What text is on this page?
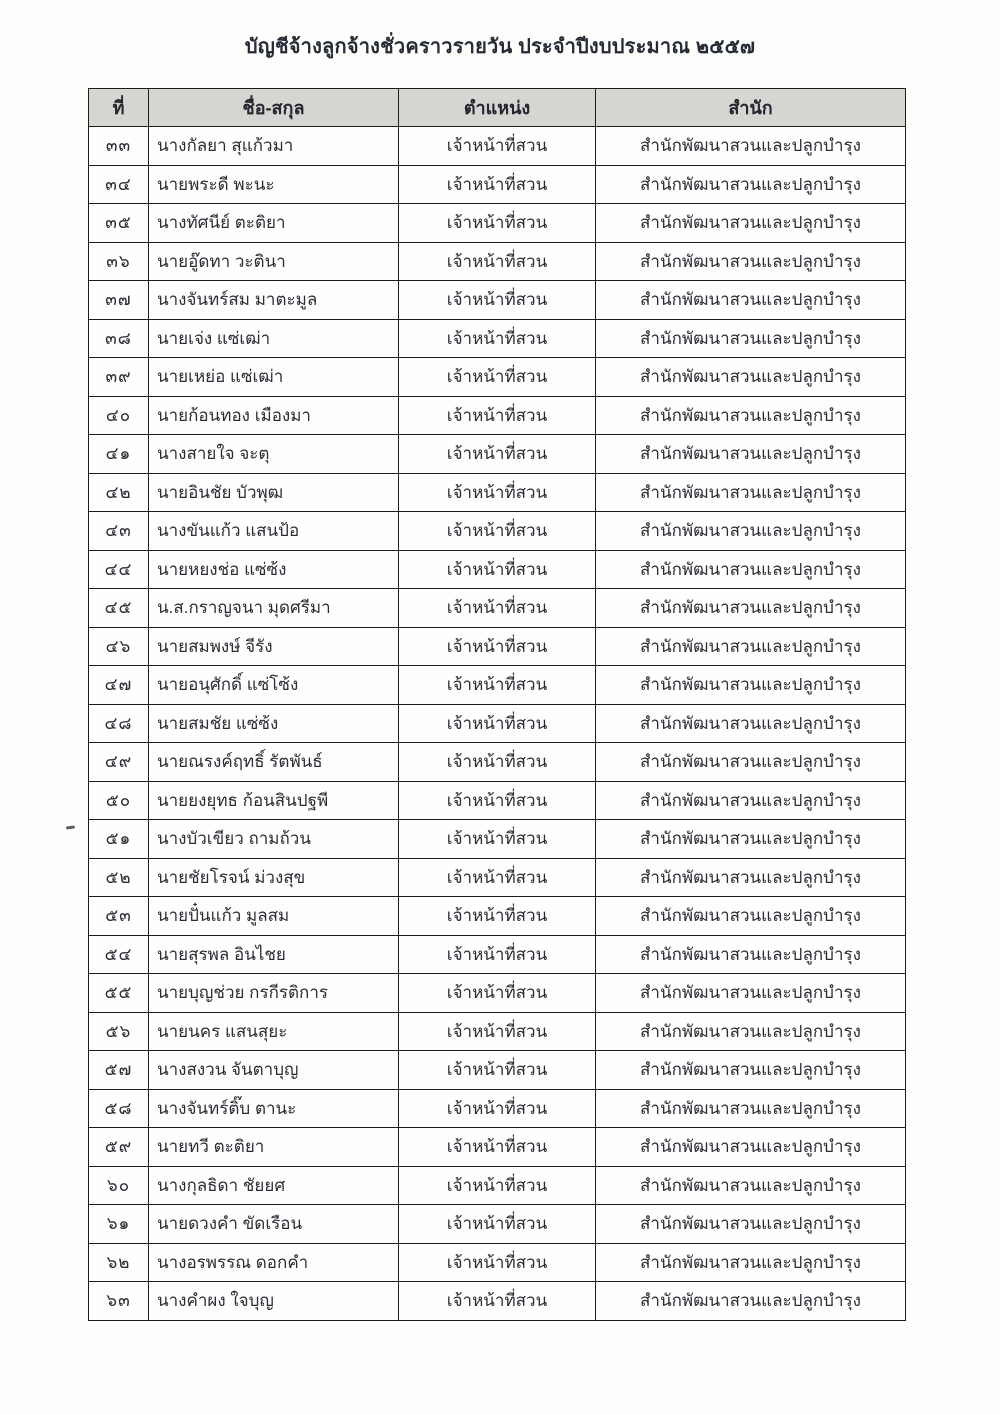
บัญชีจ้างลูกจ้างชั่วคราวรายวัน ประจำปีงบประมาณ ๒๕๕๗
ที่	ชื่อ-สกุล	ตำแหน่ง	สำนัก
๓๓	นางกัลยา สุแก้วมา	เจ้าหน้าที่สวน	สำนักพัฒนาสวนและปลูกบำรุง
๓๔	นายพระดี พะนะ	เจ้าหน้าที่สวน	สำนักพัฒนาสวนและปลูกบำรุง
๓๕	นางทัศนีย์ ตะติยา	เจ้าหน้าที่สวน	สำนักพัฒนาสวนและปลูกบำรุง
๓๖	นายอู๊ดทา วะตินา	เจ้าหน้าที่สวน	สำนักพัฒนาสวนและปลูกบำรุง
๓๗	นางจันทร์สม มาตะมูล	เจ้าหน้าที่สวน	สำนักพัฒนาสวนและปลูกบำรุง
๓๘	นายเจ่ง แซ่เฒ่า	เจ้าหน้าที่สวน	สำนักพัฒนาสวนและปลูกบำรุง
๓๙	นายเหย่อ แซ่เฒ่า	เจ้าหน้าที่สวน	สำนักพัฒนาสวนและปลูกบำรุง
๔๐	นายก้อนทอง เมืองมา	เจ้าหน้าที่สวน	สำนักพัฒนาสวนและปลูกบำรุง
๔๑	นางสายใจ จะตุ	เจ้าหน้าที่สวน	สำนักพัฒนาสวนและปลูกบำรุง
๔๒	นายอินชัย บัวพุฒ	เจ้าหน้าที่สวน	สำนักพัฒนาสวนและปลูกบำรุง
๔๓	นางขันแก้ว แสนป้อ	เจ้าหน้าที่สวน	สำนักพัฒนาสวนและปลูกบำรุง
๔๔	นายหยงช่อ แซ่ซ้ง	เจ้าหน้าที่สวน	สำนักพัฒนาสวนและปลูกบำรุง
๔๕	น.ส.กราญจนา มุดศรีมา	เจ้าหน้าที่สวน	สำนักพัฒนาสวนและปลูกบำรุง
๔๖	นายสมพงษ์ จีรัง	เจ้าหน้าที่สวน	สำนักพัฒนาสวนและปลูกบำรุง
๔๗	นายอนุศักดิ์ แซ่โซ้ง	เจ้าหน้าที่สวน	สำนักพัฒนาสวนและปลูกบำรุง
๔๘	นายสมชัย แซ่ซ้ง	เจ้าหน้าที่สวน	สำนักพัฒนาสวนและปลูกบำรุง
๔๙	นายณรงค์ฤทธิ์ รัตพันธ์	เจ้าหน้าที่สวน	สำนักพัฒนาสวนและปลูกบำรุง
๕๐	นายยงยุทธ ก้อนสินปฐพี	เจ้าหน้าที่สวน	สำนักพัฒนาสวนและปลูกบำรุง
๕๑	นางบัวเขียว ถามถ้วน	เจ้าหน้าที่สวน	สำนักพัฒนาสวนและปลูกบำรุง
๕๒	นายชัยโรจน์ ม่วงสุข	เจ้าหน้าที่สวน	สำนักพัฒนาสวนและปลูกบำรุง
๕๓	นายปั๋นแก้ว มูลสม	เจ้าหน้าที่สวน	สำนักพัฒนาสวนและปลูกบำรุง
๕๔	นายสุรพล อินไชย	เจ้าหน้าที่สวน	สำนักพัฒนาสวนและปลูกบำรุง
๕๕	นายบุญช่วย กรกีรติการ	เจ้าหน้าที่สวน	สำนักพัฒนาสวนและปลูกบำรุง
๕๖	นายนคร แสนสุยะ	เจ้าหน้าที่สวน	สำนักพัฒนาสวนและปลูกบำรุง
๕๗	นางสงวน จันตาบุญ	เจ้าหน้าที่สวน	สำนักพัฒนาสวนและปลูกบำรุง
๕๘	นางจันทร์ติ๊บ ตานะ	เจ้าหน้าที่สวน	สำนักพัฒนาสวนและปลูกบำรุง
๕๙	นายทวี ตะติยา	เจ้าหน้าที่สวน	สำนักพัฒนาสวนและปลูกบำรุง
๖๐	นางกุลธิดา ชัยยศ	เจ้าหน้าที่สวน	สำนักพัฒนาสวนและปลูกบำรุง
๖๑	นายดวงคำ ขัดเรือน	เจ้าหน้าที่สวน	สำนักพัฒนาสวนและปลูกบำรุง
๖๒	นางอรพรรณ ดอกคำ	เจ้าหน้าที่สวน	สำนักพัฒนาสวนและปลูกบำรุง
๖๓	นางคำผง ใจบุญ	เจ้าหน้าที่สวน	สำนักพัฒนาสวนและปลูกบำรุง
